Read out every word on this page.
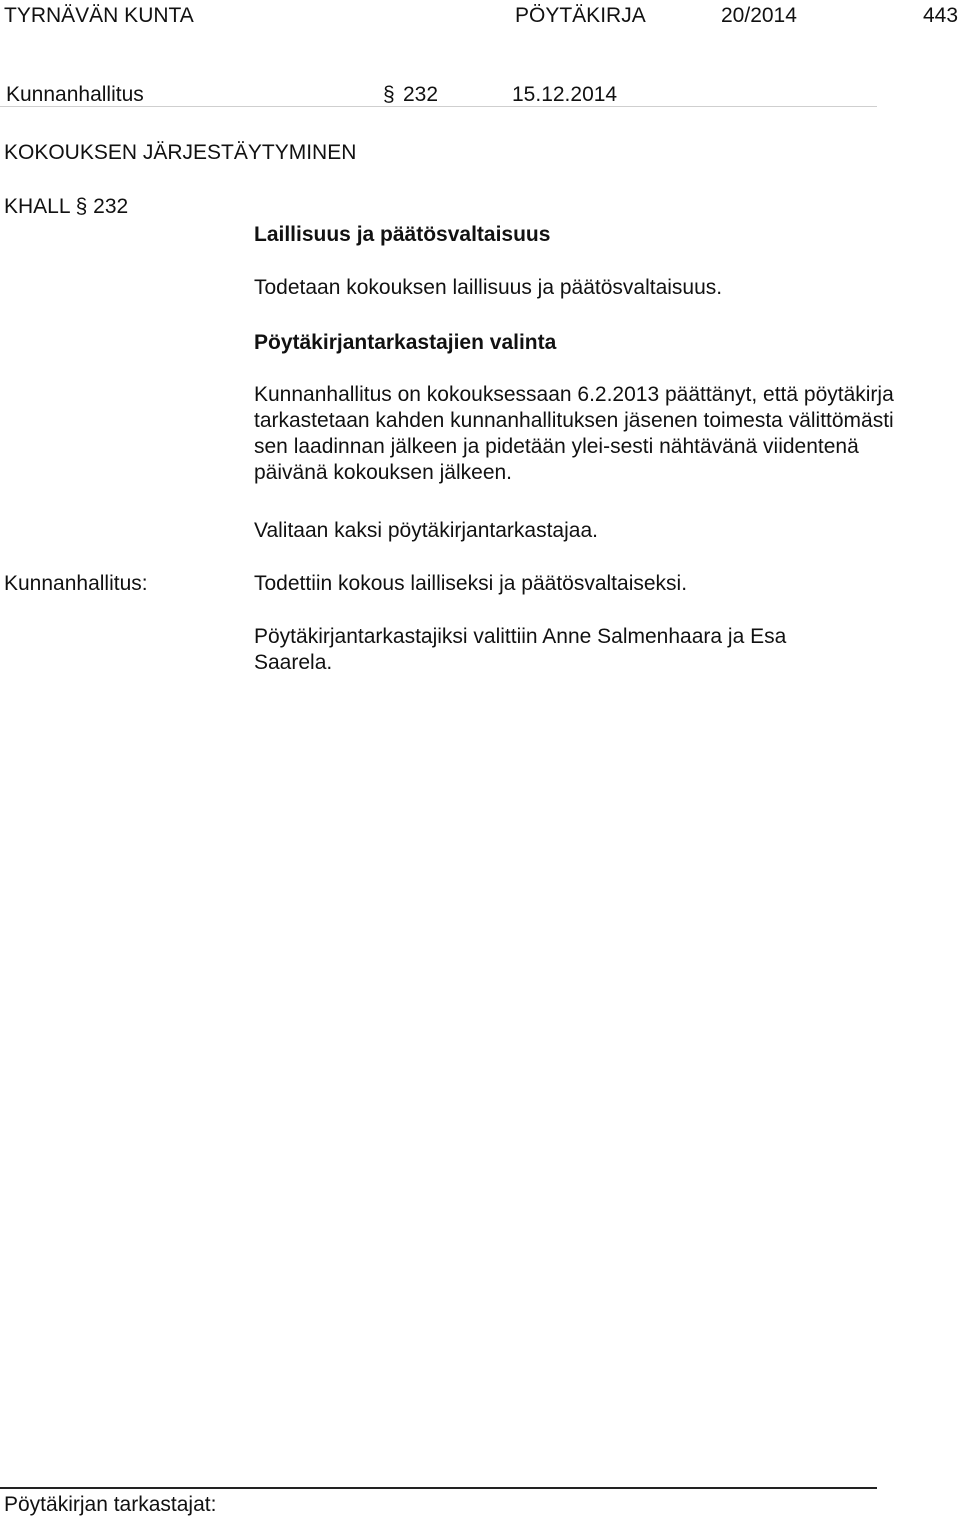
TYRNÄVÄN KUNTA	PÖYTÄKIRJA	20/2014	443
Kunnanhallitus	§ 232	15.12.2014
KOKOUKSEN JÄRJESTÄYTYMINEN
KHALL § 232
Laillisuus ja päätösvaltaisuus
Todetaan kokouksen laillisuus ja päätösvaltaisuus.
Pöytäkirjantarkastajien valinta
Kunnanhallitus on kokouksessaan 6.2.2013 päättänyt, että pöytäkirja tarkastetaan kahden kunnanhallituksen jäsenen toimesta välittömästi sen laadinnan jälkeen ja pidetään ylei-sesti nähtävänä viidentenä päivänä kokouksen jälkeen.
Valitaan kaksi pöytäkirjantarkastajaa.
Kunnanhallitus:	Todettiin kokous lailliseksi ja päätösvaltaiseksi.
Pöytäkirjantarkastajiksi valittiin Anne Salmenhaara ja Esa Saarela.
Pöytäkirjan tarkastajat:
